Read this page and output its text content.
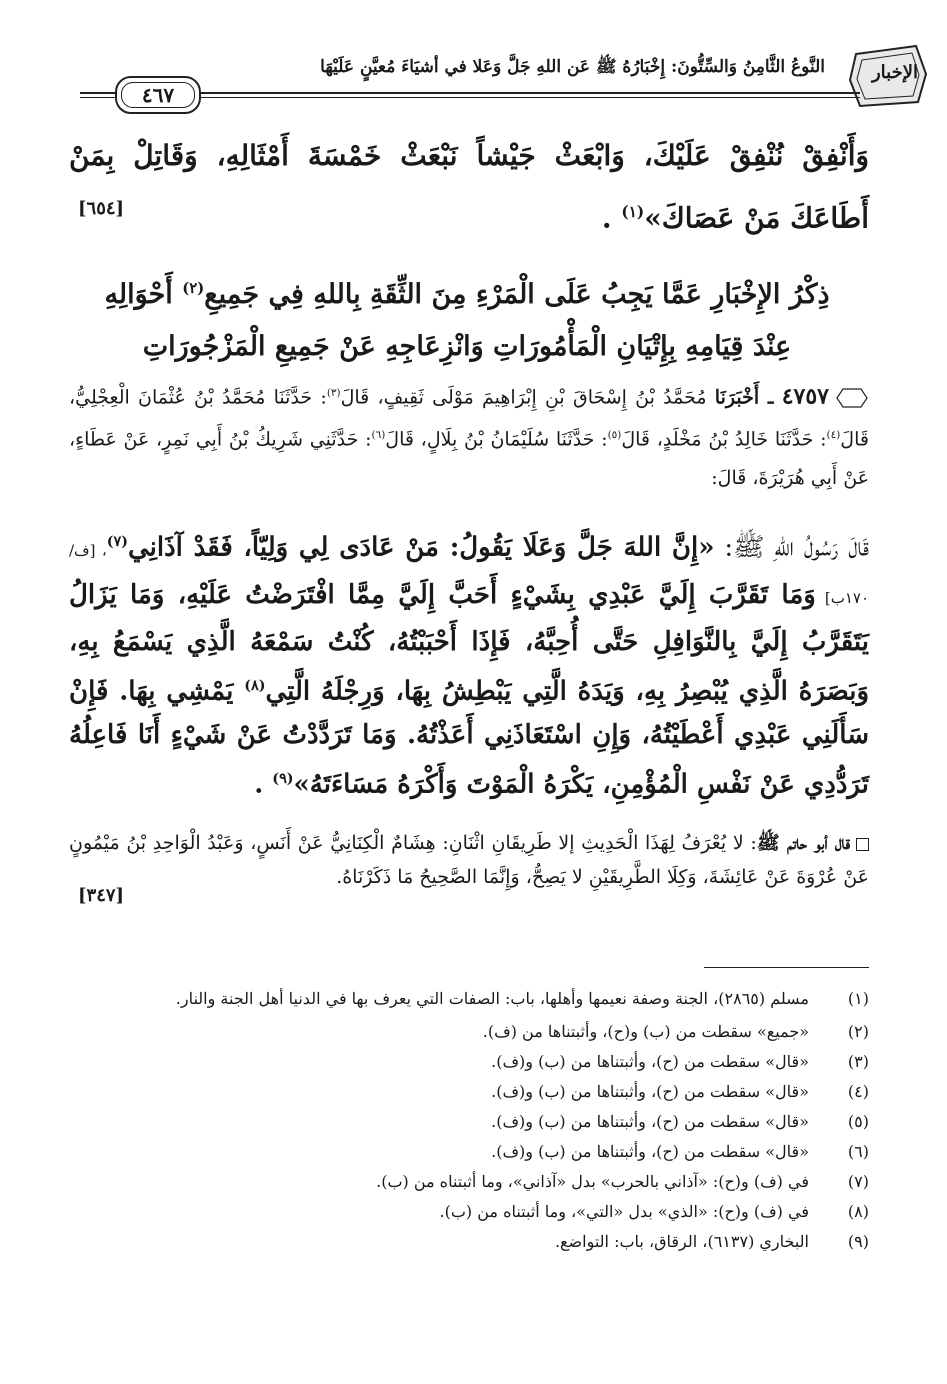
الإخبار
النَّوعُ الثَّامِنُ وَالسِّتُّونَ: إِخْبَارُهُ ﷺ عَن اللهِ جَلَّ وَعَلا في أشيَاءَ مُعيَّنٍ عَلَيْهَا
٤٦٧
وَأَنْفِقْ نُنْفِقْ عَلَيْكَ، وَابْعَثْ جَيْشاً نَبْعَثْ خَمْسَةَ أَمْثَالِهِ، وَقَاتِلْ بِمَنْ أَطَاعَكَ مَنْ عَصَاكَ»$^{(١)}$ .
[٦٥٤]
ذِكْرُ الإِخْبَارِ عَمَّا يَجِبُ عَلَى الْمَرْءِ مِنَ الثِّقَةِ بِاللهِ فِي جَمِيعِ$^{(٢)}$ أَحْوَالِهِ عِنْدَ قِيَامِهِ بِإِتْيَانِ الْمَأْمُورَاتِ وَانْزِعَاجِهِ عَنْ جَمِيعِ الْمَزْجُورَاتِ
٤٧٥٧ ـ أَخْبَرَنَا مُحَمَّدُ بْنُ إِسْحَاقَ بْنِ إِبْرَاهِيمَ مَوْلَى ثَقِيفٍ، قَالَ$^{(٣)}$: حَدَّثَنَا مُحَمَّدُ بْنُ عُثْمَانَ الْعِجْلِيُّ، قَالَ$^{(٤)}$: حَدَّثَنَا خَالِدُ بْنُ مَخْلَدٍ، قَالَ$^{(٥)}$: حَدَّثَنَا سُلَيْمَانُ بْنُ بِلَالٍ، قَالَ$^{(٦)}$: حَدَّثَنِي شَرِيكُ بْنُ أَبِي نَمِرٍ، عَنْ عَطَاءٍ، عَنْ أَبِي هُرَيْرَةَ، قَالَ:
قَالَ رَسُولُ اللهِ ﷺ: «إِنَّ اللهَ جَلَّ وَعَلَا يَقُولُ: مَنْ عَادَى لِي وَلِيّاً، فَقَدْ آذَانِي$^{(٧)}$، [ف/١٧٠ب] وَمَا تَقَرَّبَ إِلَيَّ عَبْدِي بِشَيْءٍ أَحَبَّ إِلَيَّ مِمَّا افْتَرَضْتُ عَلَيْهِ، وَمَا يَزَالُ يَتَقَرَّبُ إِلَيَّ بِالنَّوَافِلِ حَتَّى أُحِبَّهُ، فَإِذَا أَحْبَبْتُهُ، كُنْتُ سَمْعَهُ الَّذِي يَسْمَعُ بِهِ، وَبَصَرَهُ الَّذِي يُبْصِرُ بِهِ، وَيَدَهُ الَّتِي يَبْطِشُ بِهَا، وَرِجْلَهُ الَّتِي$^{(٨)}$ يَمْشِي بِهَا. فَإِنْ سَأَلَنِي عَبْدِي أَعْطَيْتُهُ، وَإِنِ اسْتَعَاذَنِي أَعَذْتُهُ. وَمَا تَرَدَّدْتُ عَنْ شَيْءٍ أَنَا فَاعِلُهُ تَرَدُّدِي عَنْ نَفْسِ الْمُؤْمِنِ، يَكْرَهُ الْمَوْتَ وَأَكْرَهُ مَسَاءَتَهُ»$^{(٩)}$ .
قال أبو حاتم ﷺ: لا يُعْرَفُ لِهَذَا الْحَدِيثِ إلا طَرِيقَانِ اثْنَانِ: هِشَامٌ الْكِنَانِيُّ عَنْ أَنَسٍ، وَعَبْدُ الْوَاحِدِ بْنُ مَيْمُونٍ عَنْ عُرْوَةَ عَنْ عَائِشَةَ، وَكِلَا الطَّرِيقَيْنِ لا يَصِحُّ، وَإِنَّمَا الصَّحِيحُ مَا ذَكَرْنَاهُ.
[٣٤٧]
(١)
مسلم (٢٨٦٥)، الجنة وصفة نعيمها وأهلها، باب: الصفات التي يعرف بها في الدنيا أهل الجنة والنار.
(٢)
«جميع» سقطت من (ب) و(ح)، وأثبتناها من (ف).
(٣)
«قال» سقطت من (ح)، وأثبتناها من (ب) و(ف).
(٤)
«قال» سقطت من (ح)، وأثبتناها من (ب) و(ف).
(٥)
«قال» سقطت من (ح)، وأثبتناها من (ب) و(ف).
(٦)
«قال» سقطت من (ح)، وأثبتناها من (ب) و(ف).
(٧)
في (ف) و(ح): «آذاني بالحرب» بدل «آذاني»، وما أثبتناه من (ب).
(٨)
في (ف) و(ح): «الذي» بدل «التي»، وما أثبتناه من (ب).
(٩)
البخاري (٦١٣٧)، الرقاق، باب: التواضع.
